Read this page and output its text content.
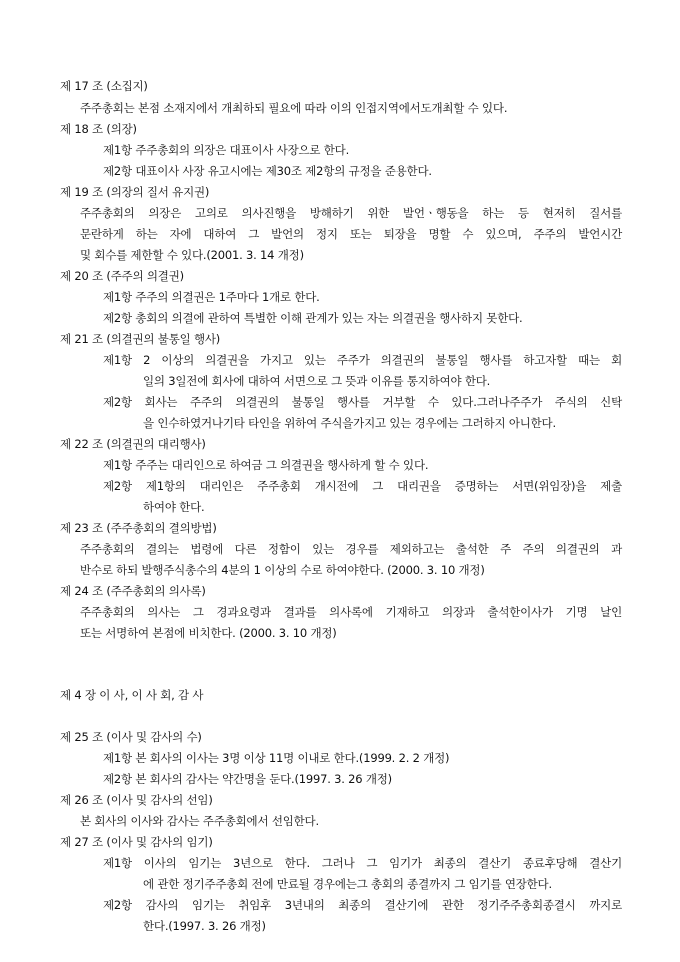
제 17 조 (소집지)
주주총회는 본점 소재지에서 개최하되 필요에 따라 이의 인접지역에서도개최할 수 있다.
제 18 조 (의장)
제1항 주주총회의 의장은 대표이사 사장으로 한다.
제2항 대표이사 사장 유고시에는 제30조 제2항의 규정을 준용한다.
제 19 조 (의장의 질서 유지권)
주주총회의 의장은 고의로 의사진행을 방해하기 위한 발언ㆍ행동을 하는 등 현저히 질서를
문란하게 하는 자에 대하여 그 발언의 정지 또는 퇴장을 명할 수 있으며, 주주의 발언시간
및 회수를 제한할 수 있다.(2001. 3. 14 개정)
제 20 조 (주주의 의결권)
제1항 주주의 의결권은 1주마다 1개로 한다.
제2항 총회의 의결에 관하여 특별한 이해 관계가 있는 자는 의결권을 행사하지 못한다.
제 21 조 (의결권의 불통일 행사)
제1항 2 이상의 의결권을 가지고 있는 주주가 의결권의 불통일 행사를 하고자할 때는 회
일의 3일전에 회사에 대하여 서면으로 그 뜻과 이유를 통지하여야 한다.
제2항 회사는 주주의 의결권의 불통일 행사를 거부할 수 있다.그러나주주가 주식의 신탁
을 인수하였거나기타 타인을 위하여 주식을가지고 있는 경우에는 그러하지 아니한다.
제 22 조 (의결권의 대리행사)
제1항 주주는 대리인으로 하여금 그 의결권을 행사하게 할 수 있다.
제2항 제1항의 대리인은 주주총회 개시전에 그 대리권을 증명하는 서면(위임장)을 제출
하여야 한다.
제 23 조 (주주총회의 결의방법)
주주총회의 결의는 법령에 다른 정함이 있는 경우를 제외하고는 출석한 주 주의 의결권의 과
반수로 하되 발행주식총수의 4분의 1 이상의 수로 하여야한다. (2000. 3. 10 개정)
제 24 조 (주주총회의 의사록)
주주총회의 의사는 그 경과요령과 결과를 의사록에 기재하고 의장과 출석한이사가 기명 날인
또는 서명하여 본점에 비치한다. (2000. 3. 10 개정)
제 4 장 이 사, 이 사 회, 감 사
제 25 조 (이사 및 감사의 수)
제1항 본 회사의 이사는 3명 이상 11명 이내로 한다.(1999. 2. 2 개정)
제2항 본 회사의 감사는 약간명을 둔다.(1997. 3. 26 개정)
제 26 조 (이사 및 감사의 선임)
본 회사의 이사와 감사는 주주총회에서 선임한다.
제 27 조 (이사 및 감사의 임기)
제1항 이사의 임기는 3년으로 한다. 그러나 그 임기가 최종의 결산기 종료후당해 결산기
에 관한 정기주주총회 전에 만료될 경우에는그 총회의 종결까지 그 임기를 연장한다.
제2항 감사의 임기는 취임후 3년내의 최종의 결산기에 관한 정기주주총회종결시 까지로
한다.(1997. 3. 26 개정)
